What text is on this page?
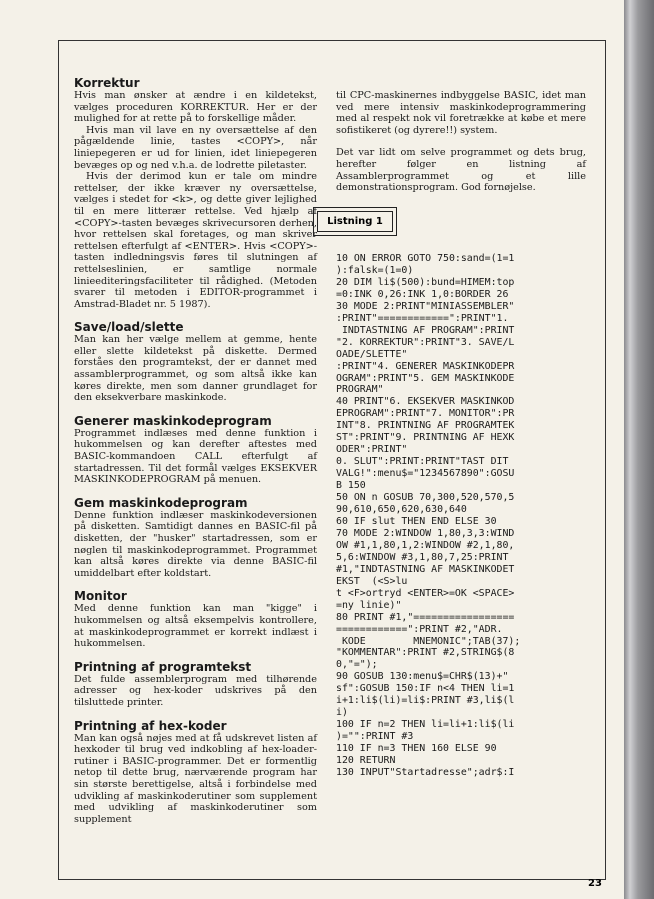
Korrektur

Hvis man ønsker at ændre i en kildetekst, vælges proceduren KORREKTUR. Her er der mulighed for at rette på to forskellige måder.

Hvis man vil lave en ny oversættelse af den pågældende linie, tastes <COPY>, når liniepegeren er ud for linien, idet liniepegeren bevæges op og ned v.h.a. de lodrette piletaster.

Hvis der derimod kun er tale om mindre rettelser, der ikke kræver ny oversættelse, vælges i stedet for <k>, og dette giver lejlighed til en mere litterær rettelse. Ved hjælp af <COPY>-tasten bevæges skrivecursoren derhen, hvor rettelsen skal foretages, og man skriver rettelsen efterfulgt af <ENTER>. Hvis <COPY>-tasten indledningsvis føres til slutningen af rettelseslinien, er samtlige normale linieediteringsfaciliteter til rådighed. (Metoden svarer til metoden i EDITOR-programmet i Amstrad-Bladet nr. 5 1987).

Save/load/slette

Man kan her vælge mellem at gemme, hente eller slette kildetekst på diskette. Dermed forståes den programtekst, der er dannet med assamblerprogrammet, og som altså ikke kan køres direkte, men som danner grundlaget for den eksekverbare maskinkode.

Generer maskinkodeprogram

Programmet indlæses med denne funktion i hukommelsen og kan derefter aftestes med BASIC-kommandoen CALL efterfulgt af startadressen. Til det formål vælges EKSEKVER MASKINKODEPROGRAM på menuen.

Gem maskinkodeprogram

Denne funktion indlæser maskinkodeversionen på disketten. Samtidigt dannes en BASIC-fil på disketten, der "husker" startadressen, som er nøglen til maskinkodeprogrammet. Programmet kan altså køres direkte via denne BASIC-fil umiddelbart efter koldstart.

Monitor

Med denne funktion kan man "kigge" i hukommelsen og altså eksempelvis kontrollere, at maskinkodeprogrammet er korrekt indlæst i hukommelsen.

Printning af programtekst

Det fulde assemblerprogram med tilhørende adresser og hex-koder udskrives på den tilsluttede printer.

Printning af hex-koder

Man kan også nøjes med at få udskrevet listen af hexkoder til brug ved indkobling af hex-loader-rutiner i BASIC-programmer. Det er formentlig netop til dette brug, nærværende program har sin største berettigelse, altså i forbindelse med udvikling af maskinkoderutiner som supplement med udvikling af maskinkoderutiner som supplement

til CPC-maskinernes indbyggelse BASIC, idet man ved mere intensiv maskinkodeprogrammering med al respekt nok vil foretrække at købe et mere sofistikeret (og dyrere!!) system.

Det var lidt om selve programmet og dets brug, herefter følger en listning af Assamblerprogrammet og et lille demonstrationsprogram. God fornøjelse.

Listning 1
10 ON ERROR GOTO 750:sand=(1=1
):falsk=(1=0)
20 DIM li$(500):bund=HIMEM:top
=0:INK 0,26:INK 1,0:BORDER 26
30 MODE 2:PRINT"MINIASSEMBLER"
:PRINT"============":PRINT"1.
INDTASTNING AF PROGRAM":PRINT
"2. KORREKTUR":PRINT"3. SAVE/L
OADE/SLETTE"
:PRINT"4. GENERER MASKINKODEPR
OGRAM":PRINT"5. GEM MASKINKODE
PROGRAM"
40 PRINT"6. EKSEKVER MASKINKOD
EPROGRAM":PRINT"7. MONITOR":PR
INT"8. PRINTNING AF PROGRAMTEK
ST":PRINT"9. PRINTNING AF HEXK
ODER":PRINT"
0. SLUT":PRINT:PRINT"TAST DIT
VALG!":menu$="1234567890":GOSU
B 150
50 ON n GOSUB 70,300,520,570,5
90,610,650,620,630,640
60 IF slut THEN END ELSE 30
70 MODE 2:WINDOW 1,80,3,3:WIND
OW #1,1,80,1,2:WINDOW #2,1,80,
5,6:WINDOW #3,1,80,7,25:PRINT
#1,"INDTASTNING AF MASKINKODET
EKST  (<S>lu
t <F>ortryd <ENTER>=OK <SPACE>
=ny linie)"
80 PRINT #1,"=================
============":PRINT #2,"ADR.
KODE        MNEMONIC";TAB(37);
"KOMMENTAR":PRINT #2,STRING$(8
0,"=");
90 GOSUB 130:menu$=CHR$(13)+"
sf":GOSUB 150:IF n<4 THEN li=1
i+1:li$(li)=li$:PRINT #3,li$(l
i)
100 IF n=2 THEN li=li+1:li$(li
)="":PRINT #3
110 IF n=3 THEN 160 ELSE 90
120 RETURN
130 INPUT"Startadresse";adr$:I
23
